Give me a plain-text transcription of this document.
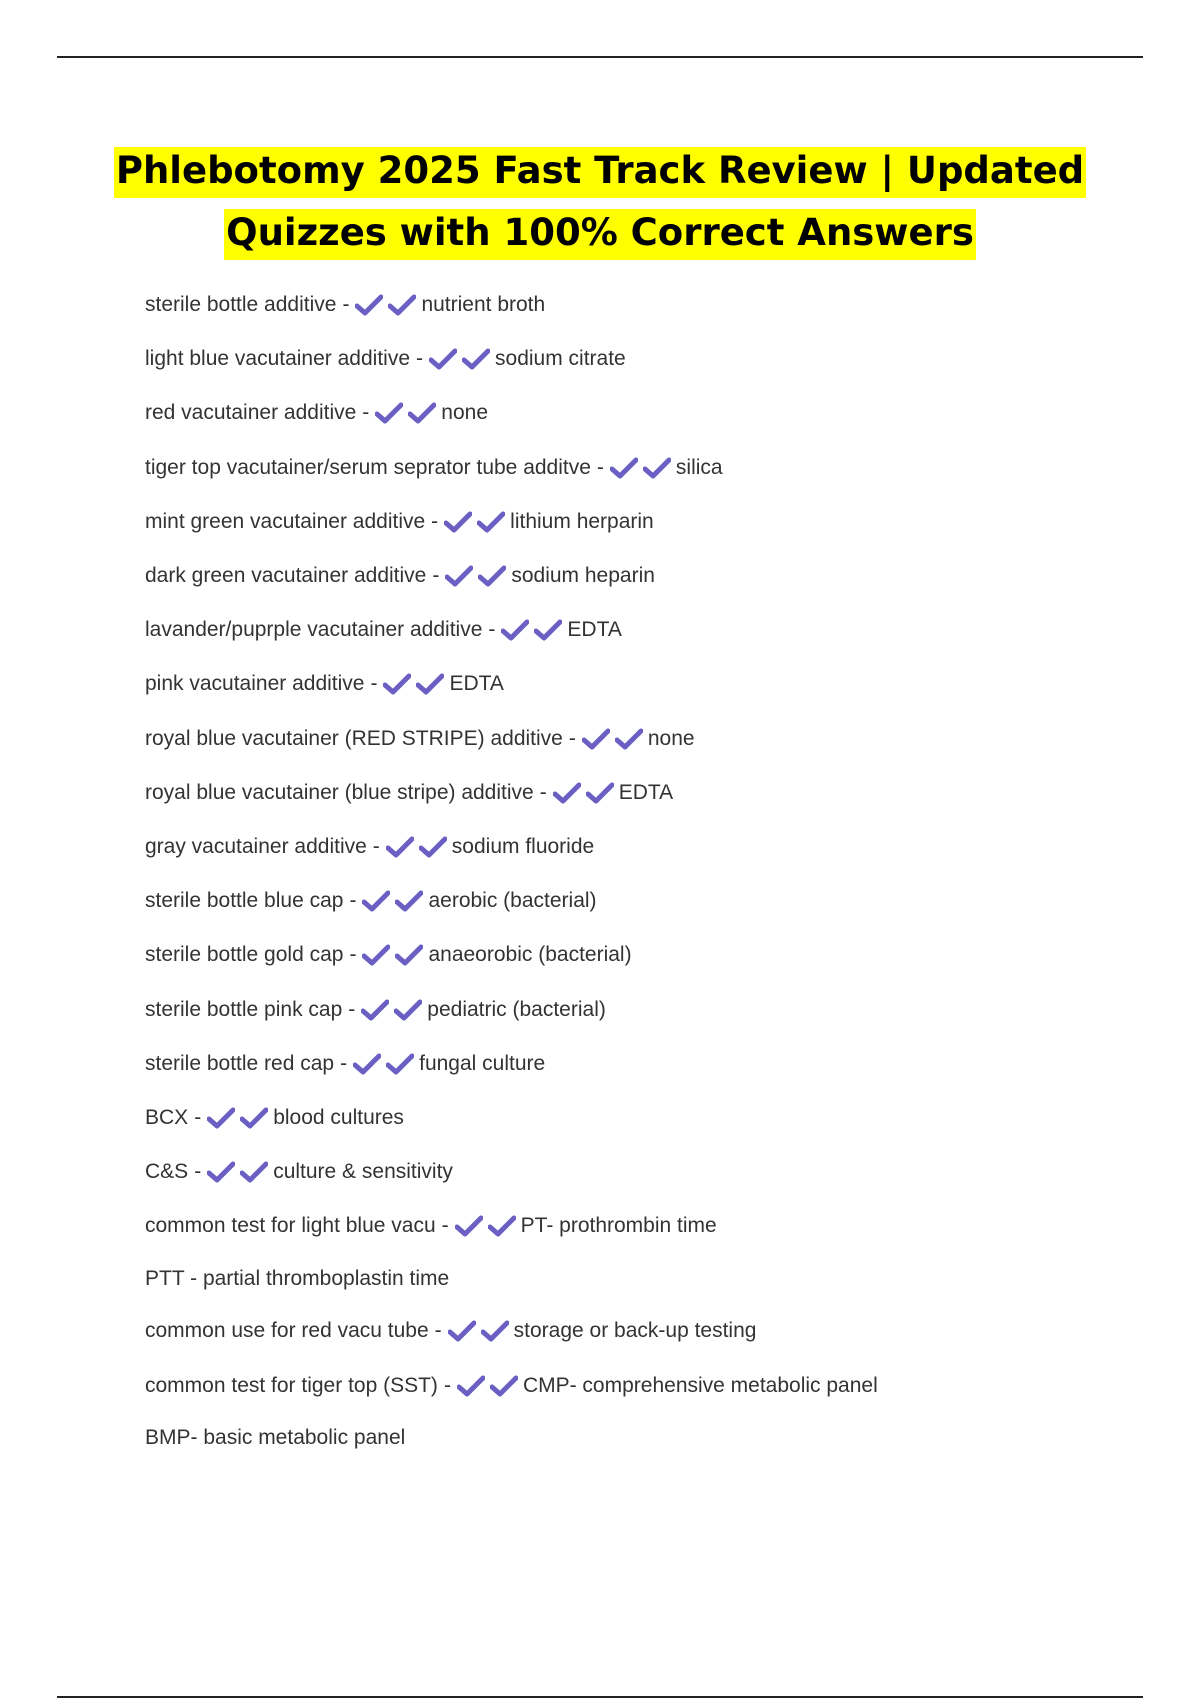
Phlebotomy 2025 Fast Track Review | Updated
Quizzes with 100% Correct Answers
sterile bottle additive -	nutrient broth
light blue vacutainer additive -	sodium citrate
red vacutainer additive -	none
tiger top vacutainer/serum seprator tube additve -	silica
mint green vacutainer additive -	lithium herparin
dark green vacutainer additive -	sodium heparin
lavander/puprple vacutainer additive -	EDTA
pink vacutainer additive -	EDTA
royal blue vacutainer (RED STRIPE) additive -	none
royal blue vacutainer (blue stripe) additive -	EDTA
gray vacutainer additive -	sodium fluoride
sterile bottle blue cap -	aerobic (bacterial)
sterile bottle gold cap -	anaeorobic (bacterial)
sterile bottle pink cap -	pediatric (bacterial)
sterile bottle red cap -	fungal culture
BCX -	blood cultures
C&S -	culture & sensitivity
common test for light blue vacu -	PT- prothrombin time
PTT - partial thromboplastin time
common use for red vacu tube -	storage or back-up testing
common test for tiger top (SST) -	CMP- comprehensive metabolic panel
BMP- basic metabolic panel
